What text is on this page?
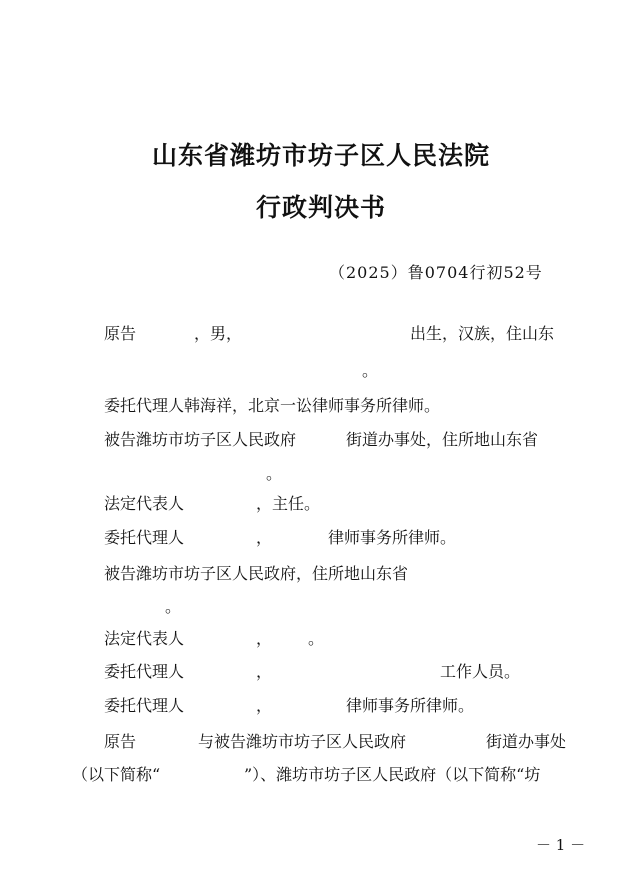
山东省潍坊市坊子区人民法院
行政判决书
（2025）鲁0704行初52号
原告	，男，	出生，汉族，住山东
。
委托代理人韩海祥，北京一讼律师事务所律师。
被告潍坊市坊子区人民政府	街道办事处，住所地山东省
。
法定代表人	，主任。
委托代理人	，	律师事务所律师。
被告潍坊市坊子区人民政府，住所地山东省
。
法定代表人	， 。
委托代理人	，	工作人员。
委托代理人	，	律师事务所律师。
原告	与被告潍坊市坊子区人民政府	街道办事处
（以下简称“	”）、潍坊市坊子区人民政府（以下简称“坊
－ 1 －
